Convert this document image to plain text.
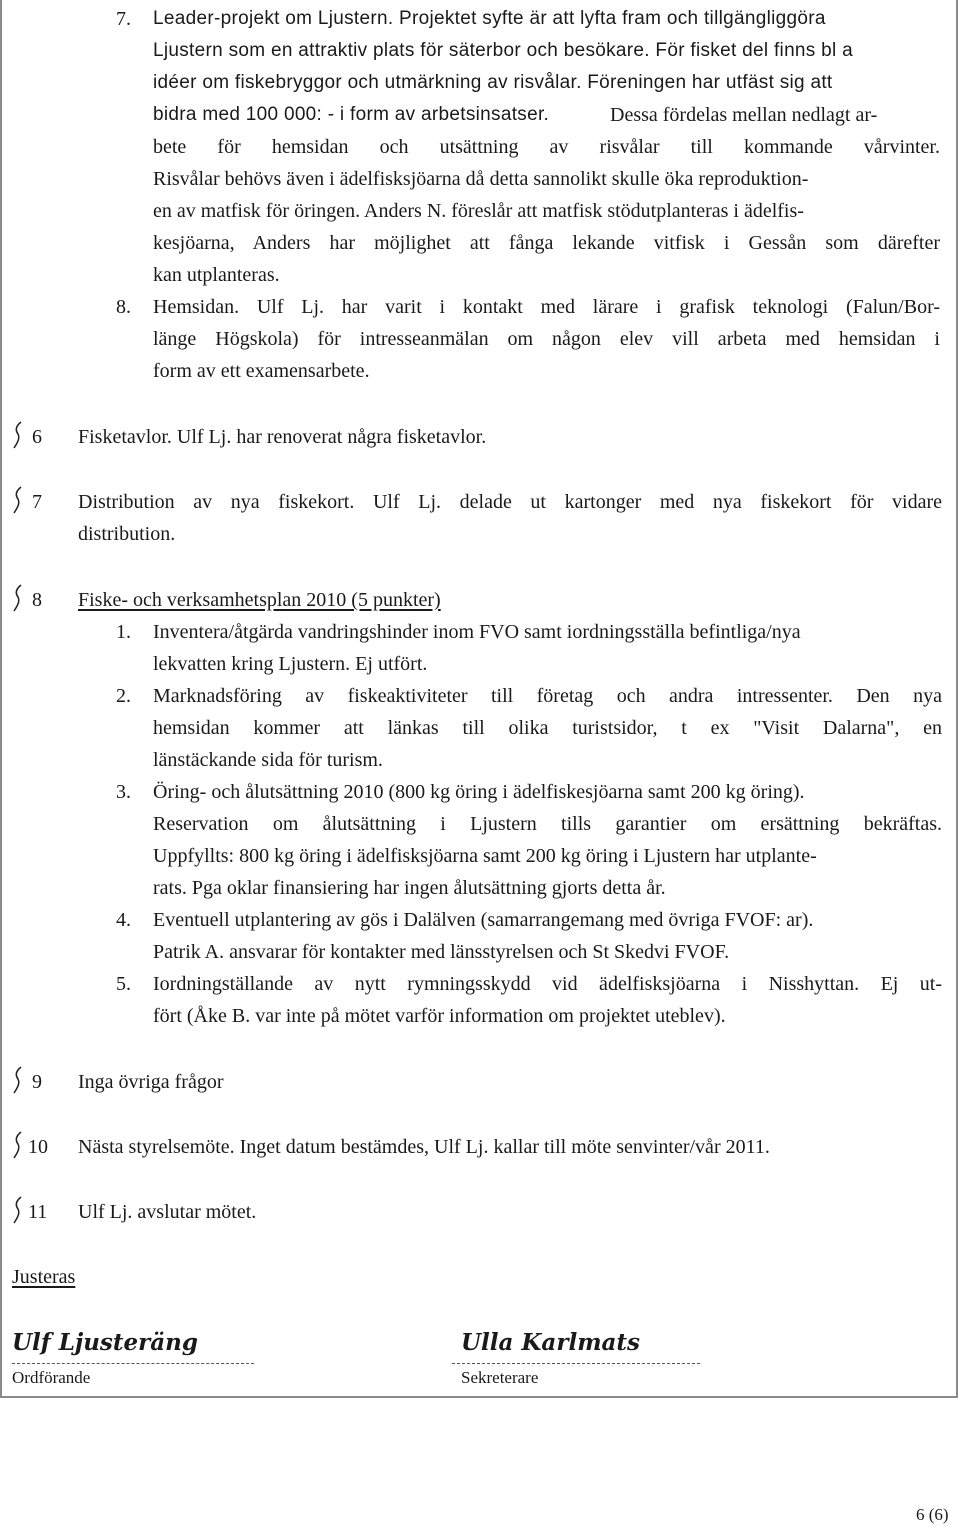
7. Leader-projekt om Ljustern. Projektet syfte är att lyfta fram och tillgängliggöra
Ljustern som en attraktiv plats för säterbor och besökare. För fisket del finns bl a
idéer om fiskebryggor och utmärkning av risvålar. Föreningen har utfäst sig att
bidra med 100 000: - i form av arbetsinsatser.	Dessa fördelas mellan nedlagt ar-
bete för hemsidan och utsättning av risvålar till kommande vårvinter.
Risvålar behövs även i ädelfisksjöarna då detta sannolikt skulle öka reproduktion-
en av matfisk för öringen. Anders N. föreslår att matfisk stödutplanteras i ädelfis-
kesjöarna, Anders har möjlighet att fånga lekande vitfisk i Gessån som därefter
kan utplanteras.
8. Hemsidan. Ulf Lj. har varit i kontakt med lärare i grafisk teknologi (Falun/Bor-
länge Högskola) för intresseanmälan om någon elev vill arbeta med hemsidan i
form av ett examensarbete.
6 Fisketavlor. Ulf Lj. har renoverat några fisketavlor.
7 Distribution av nya fiskekort. Ulf Lj. delade ut kartonger med nya fiskekort för vidare
distribution.
8 Fiske- och verksamhetsplan 2010 (5 punkter)
1. Inventera/åtgärda vandringshinder inom FVO samt iordningsställa befintliga/nya
lekvatten kring Ljustern. Ej utfört.
2. Marknadsföring av fiskeaktiviteter till företag och andra intressenter. Den nya
hemsidan kommer att länkas till olika turistsidor, t ex "Visit Dalarna", en
länstäckande sida för turism.
3. Öring- och ålutsättning 2010 (800 kg öring i ädelfiskesjöarna samt 200 kg öring).
Reservation om ålutsättning i Ljustern tills garantier om ersättning bekräftas.
Uppfyllts: 800 kg öring i ädelfisksjöarna samt 200 kg öring i Ljustern har utplante-
rats. Pga oklar finansiering har ingen ålutsättning gjorts detta år.
4. Eventuell utplantering av gös i Dalälven (samarrangemang med övriga FVOF: ar).
Patrik A. ansvarar för kontakter med länsstyrelsen och St Skedvi FVOF.
5. Iordningställande av nytt rymningsskydd vid ädelfisksjöarna i Nisshyttan. Ej ut-
fört (Åke B. var inte på mötet varför information om projektet uteblev).
9 Inga övriga frågor
10 Nästa styrelsemöte. Inget datum bestämdes, Ulf Lj. kallar till möte senvinter/vår 2011.
11 Ulf Lj. avslutar mötet.
Justeras
Ulf Ljusteräng
Ordförande
Ulla Karlmats
Sekreterare
6 (6)
